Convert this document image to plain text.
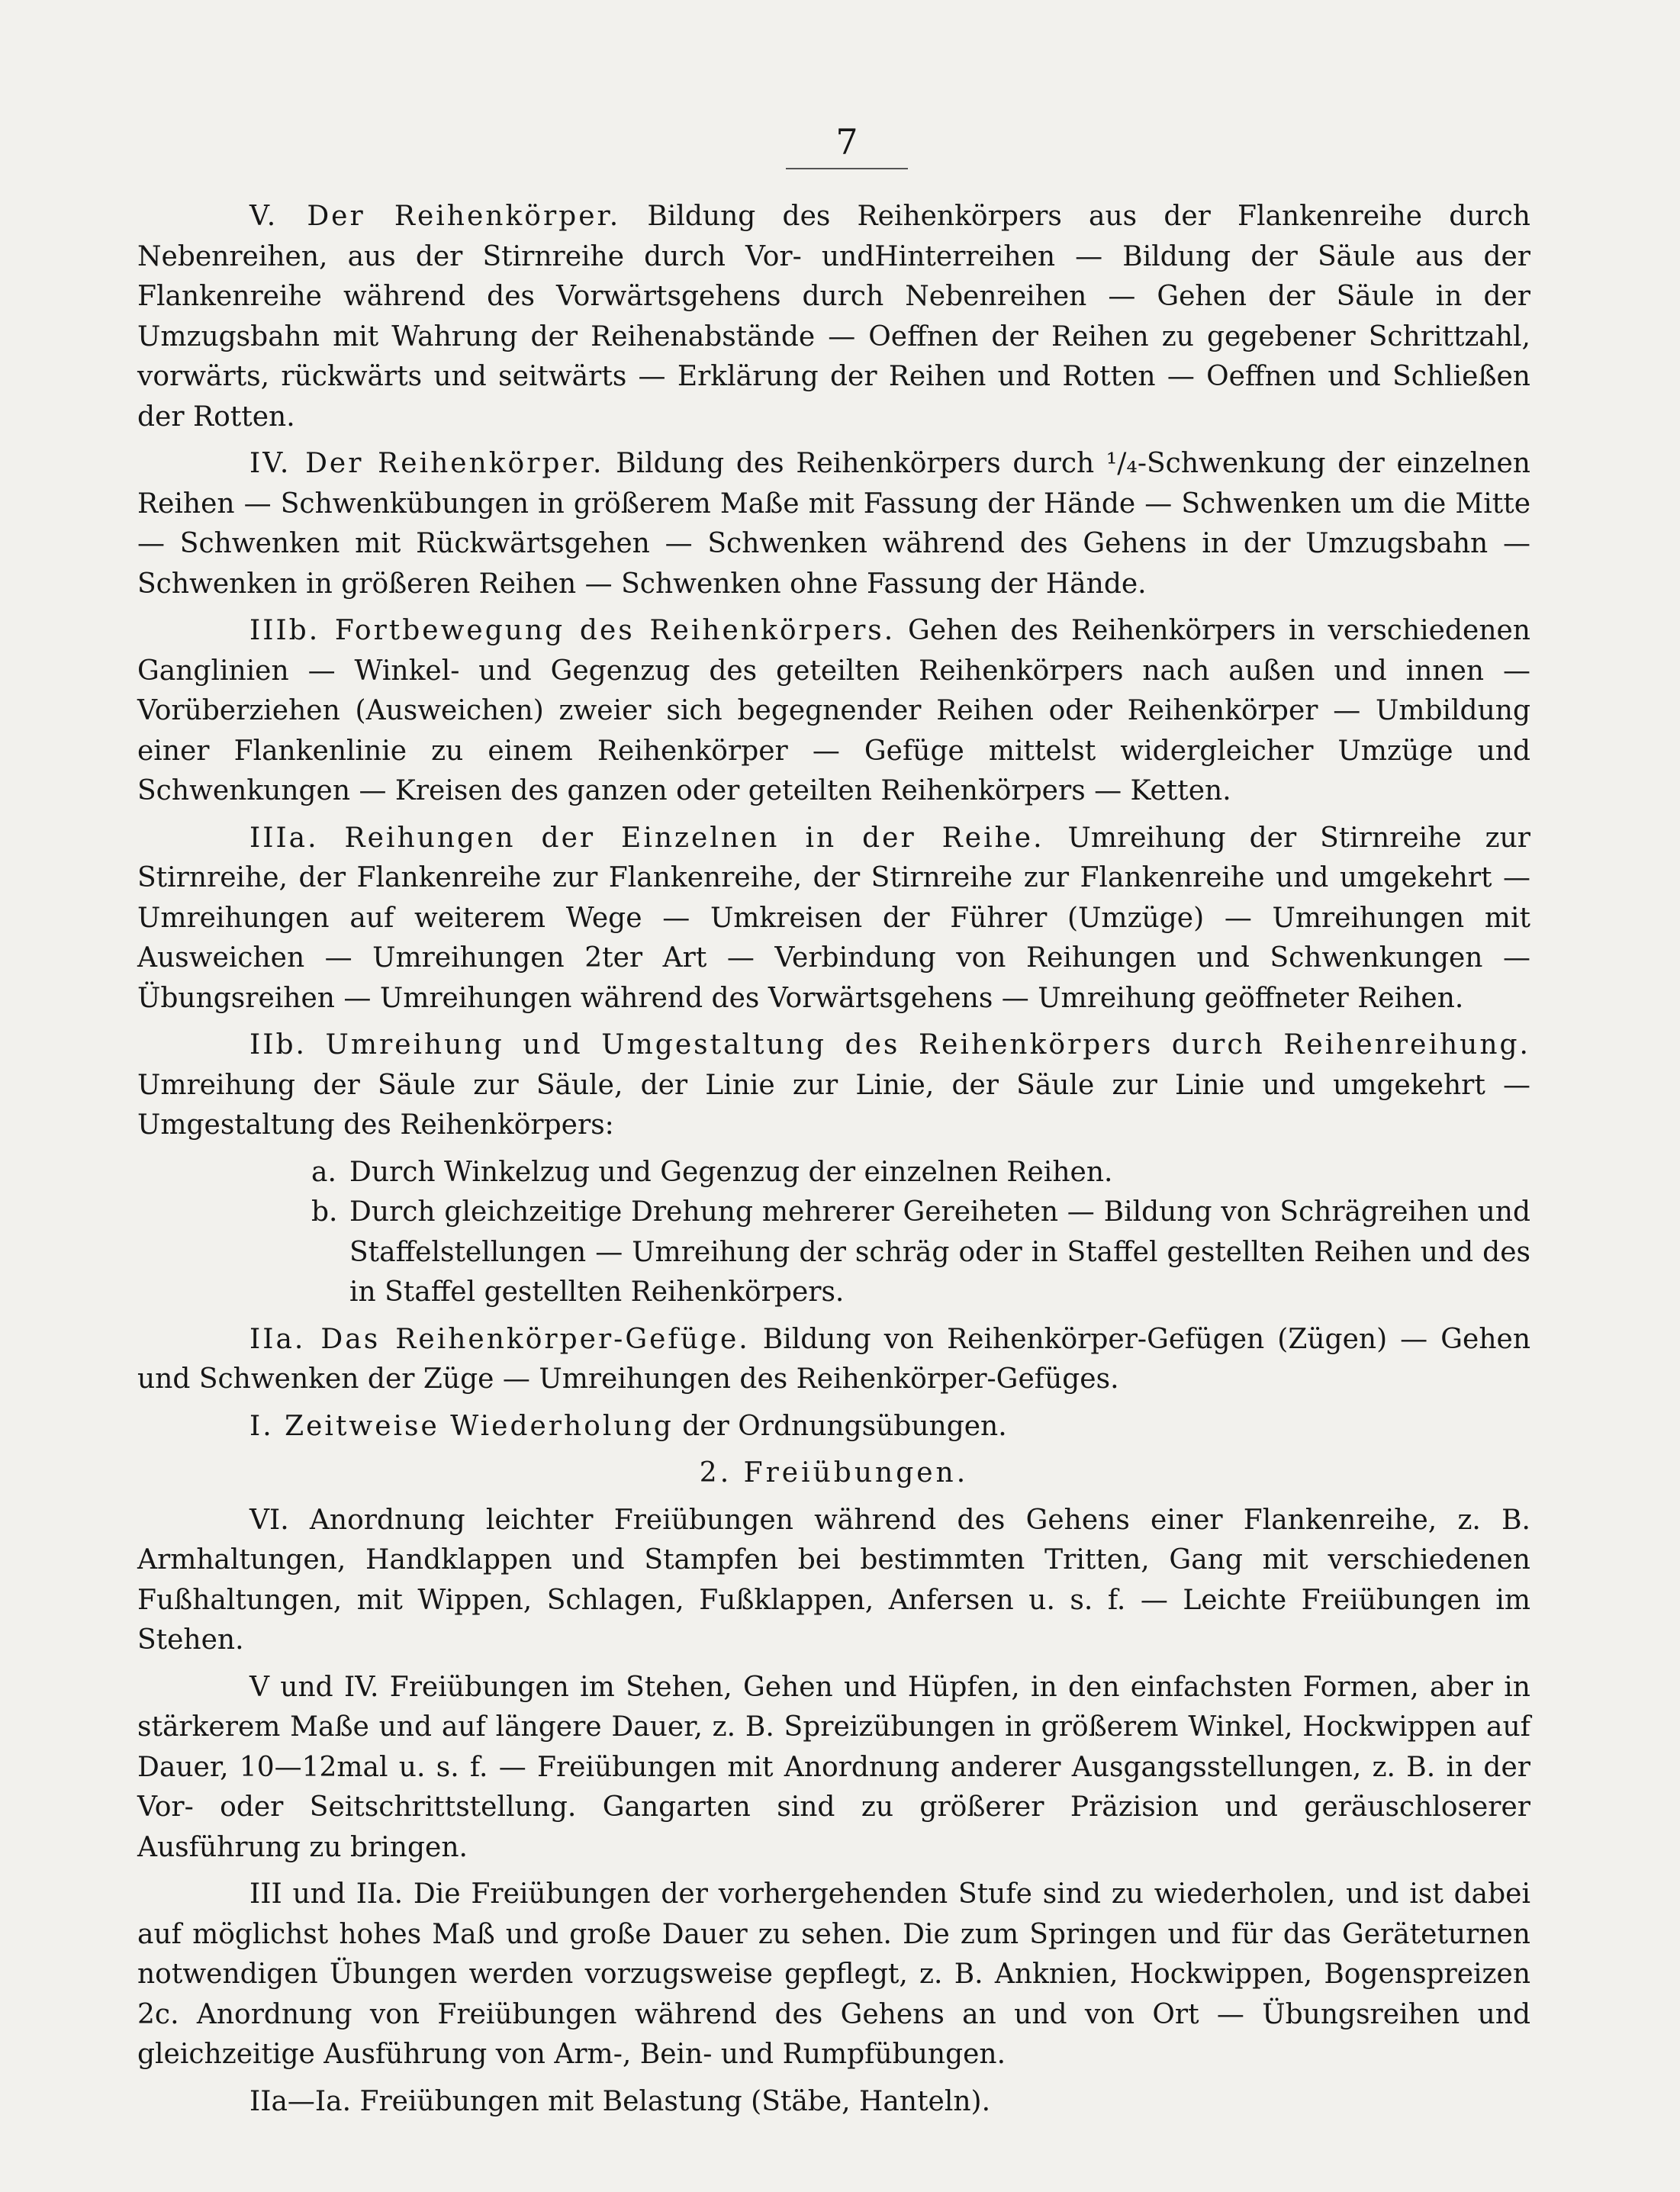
7

V. Der Reihenkörper. Bildung des Reihenkörpers aus der Flankenreihe durch Nebenreihen, aus der Stirnreihe durch Vor- undHinterreihen — Bildung der Säule aus der Flankenreihe während des Vorwärtsgehens durch Nebenreihen — Gehen der Säule in der Umzugsbahn mit Wahrung der Reihenabstände — Oeffnen der Reihen zu gegebener Schrittzahl, vorwärts, rückwärts und seitwärts — Erklärung der Reihen und Rotten — Oeffnen und Schließen der Rotten.

IV. Der Reihenkörper. Bildung des Reihenkörpers durch ¹/₄-Schwenkung der einzelnen Reihen — Schwenkübungen in größerem Maße mit Fassung der Hände — Schwenken um die Mitte — Schwenken mit Rückwärtsgehen — Schwenken während des Gehens in der Umzugsbahn — Schwenken in größeren Reihen — Schwenken ohne Fassung der Hände.

IIIb. Fortbewegung des Reihenkörpers. Gehen des Reihenkörpers in verschiedenen Ganglinien — Winkel- und Gegenzug des geteilten Reihenkörpers nach außen und innen — Vorüberziehen (Ausweichen) zweier sich begegnender Reihen oder Reihenkörper — Umbildung einer Flankenlinie zu einem Reihenkörper — Gefüge mittelst widergleicher Umzüge und Schwenkungen — Kreisen des ganzen oder geteilten Reihenkörpers — Ketten.

IIIa. Reihungen der Einzelnen in der Reihe. Umreihung der Stirnreihe zur Stirnreihe, der Flankenreihe zur Flankenreihe, der Stirnreihe zur Flankenreihe und umgekehrt — Umreihungen auf weiterem Wege — Umkreisen der Führer (Umzüge) — Umreihungen mit Ausweichen — Umreihungen 2ter Art — Verbindung von Reihungen und Schwenkungen — Übungsreihen — Umreihungen während des Vorwärtsgehens — Umreihung geöffneter Reihen.

IIb. Umreihung und Umgestaltung des Reihenkörpers durch Reihenreihung. Umreihung der Säule zur Säule, der Linie zur Linie, der Säule zur Linie und umgekehrt — Umgestaltung des Reihenkörpers:

a. Durch Winkelzug und Gegenzug der einzelnen Reihen.
b. Durch gleichzeitige Drehung mehrerer Gereiheten — Bildung von Schrägreihen und Staffelstellungen — Umreihung der schräg oder in Staffel gestellten Reihen und des in Staffel gestellten Reihenkörpers.

IIa. Das Reihenkörper-Gefüge. Bildung von Reihenkörper-Gefügen (Zügen) — Gehen und Schwenken der Züge — Umreihungen des Reihenkörper-Gefüges.

I. Zeitweise Wiederholung der Ordnungsübungen.

2. Freiübungen.

VI. Anordnung leichter Freiübungen während des Gehens einer Flankenreihe, z. B. Armhaltungen, Handklappen und Stampfen bei bestimmten Tritten, Gang mit verschiedenen Fußhaltungen, mit Wippen, Schlagen, Fußklappen, Anfersen u. s. f. — Leichte Freiübungen im Stehen.

V und IV. Freiübungen im Stehen, Gehen und Hüpfen, in den einfachsten Formen, aber in stärkerem Maße und auf längere Dauer, z. B. Spreizübungen in größerem Winkel, Hockwippen auf Dauer, 10—12mal u. s. f. — Freiübungen mit Anordnung anderer Ausgangsstellungen, z. B. in der Vor- oder Seitschrittstellung. Gangarten sind zu größerer Präzision und geräuschloserer Ausführung zu bringen.

III und IIa. Die Freiübungen der vorhergehenden Stufe sind zu wiederholen, und ist dabei auf möglichst hohes Maß und große Dauer zu sehen. Die zum Springen und für das Geräteturnen notwendigen Übungen werden vorzugsweise gepflegt, z. B. Anknien, Hockwippen, Bogenspreizen 2c. Anordnung von Freiübungen während des Gehens an und von Ort — Übungsreihen und gleichzeitige Ausführung von Arm-, Bein- und Rumpfübungen.

IIa—Ia. Freiübungen mit Belastung (Stäbe, Hanteln).
